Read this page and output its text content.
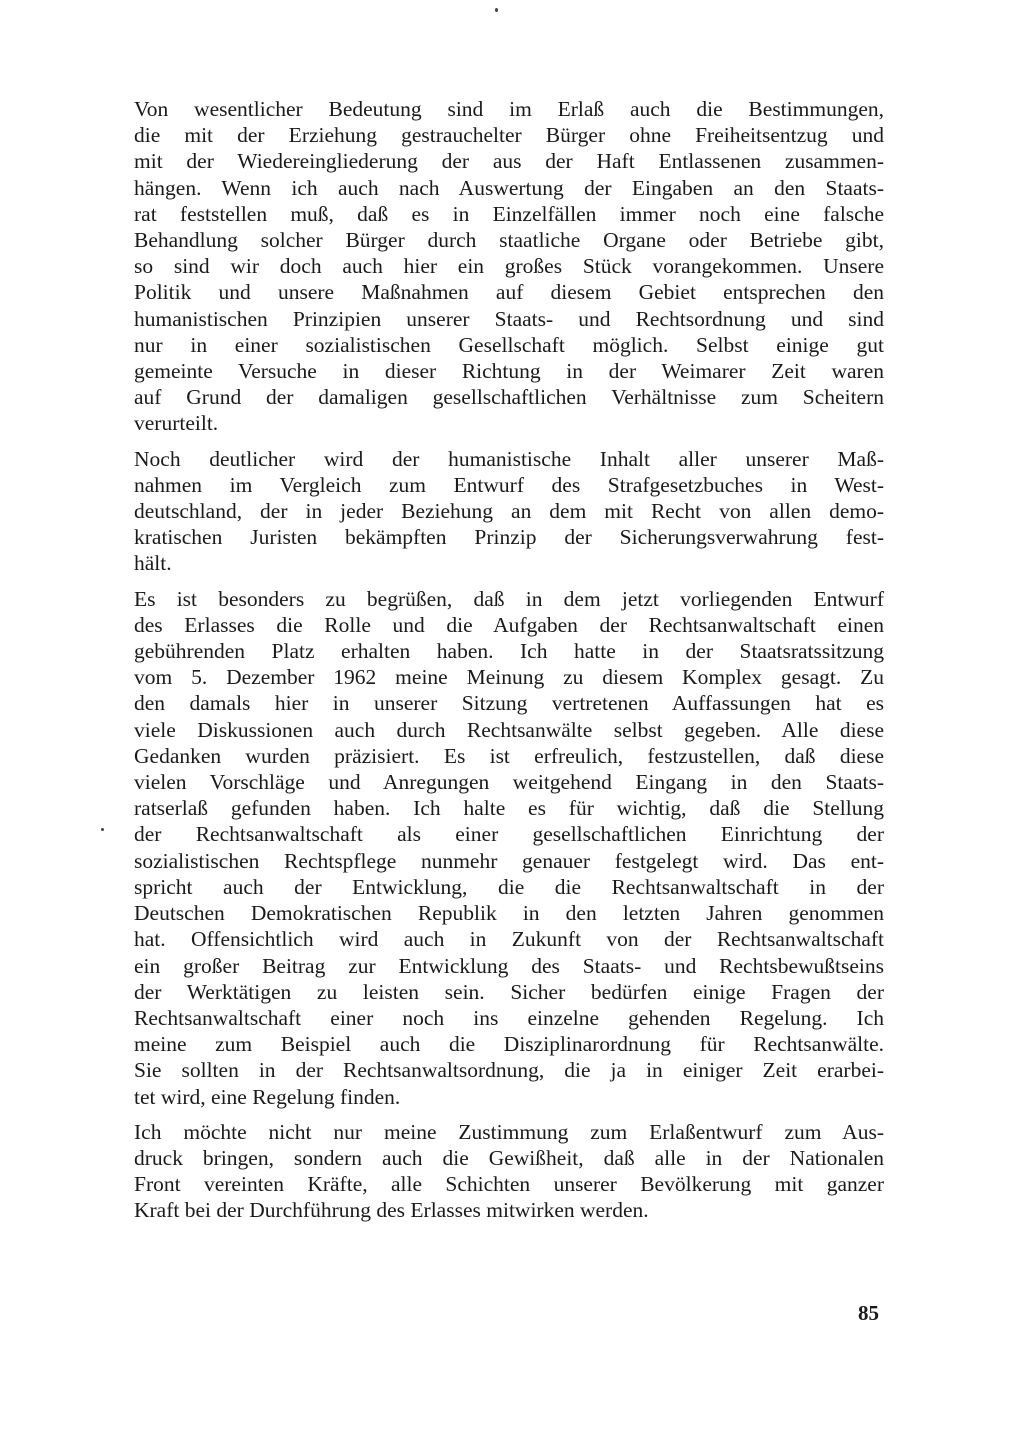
Von wesentlicher Bedeutung sind im Erlaß auch die Bestimmungen,
die mit der Erziehung gestrauchelter Bürger ohne Freiheitsentzug und
mit der Wiedereingliederung der aus der Haft Entlassenen zusammen-
hängen. Wenn ich auch nach Auswertung der Eingaben an den Staats-
rat feststellen muß, daß es in Einzelfällen immer noch eine falsche
Behandlung solcher Bürger durch staatliche Organe oder Betriebe gibt,
so sind wir doch auch hier ein großes Stück vorangekommen. Unsere
Politik und unsere Maßnahmen auf diesem Gebiet entsprechen den
humanistischen Prinzipien unserer Staats- und Rechtsordnung und sind
nur in einer sozialistischen Gesellschaft möglich. Selbst einige gut
gemeinte Versuche in dieser Richtung in der Weimarer Zeit waren
auf Grund der damaligen gesellschaftlichen Verhältnisse zum Scheitern
verurteilt.

Noch deutlicher wird der humanistische Inhalt aller unserer Maß-
nahmen im Vergleich zum Entwurf des Strafgesetzbuches in West-
deutschland, der in jeder Beziehung an dem mit Recht von allen demo-
kratischen Juristen bekämpften Prinzip der Sicherungsverwahrung fest-
hält.

Es ist besonders zu begrüßen, daß in dem jetzt vorliegenden Entwurf
des Erlasses die Rolle und die Aufgaben der Rechtsanwaltschaft einen
gebührenden Platz erhalten haben. Ich hatte in der Staatsratssitzung
vom 5. Dezember 1962 meine Meinung zu diesem Komplex gesagt. Zu
den damals hier in unserer Sitzung vertretenen Auffassungen hat es
viele Diskussionen auch durch Rechtsanwälte selbst gegeben. Alle diese
Gedanken wurden präzisiert. Es ist erfreulich, festzustellen, daß diese
vielen Vorschläge und Anregungen weitgehend Eingang in den Staats-
ratserlaß gefunden haben. Ich halte es für wichtig, daß die Stellung
der Rechtsanwaltschaft als einer gesellschaftlichen Einrichtung der
sozialistischen Rechtspflege nunmehr genauer festgelegt wird. Das ent-
spricht auch der Entwicklung, die die Rechtsanwaltschaft in der
Deutschen Demokratischen Republik in den letzten Jahren genommen
hat. Offensichtlich wird auch in Zukunft von der Rechtsanwaltschaft
ein großer Beitrag zur Entwicklung des Staats- und Rechtsbewußtseins
der Werktätigen zu leisten sein. Sicher bedürfen einige Fragen der
Rechtsanwaltschaft einer noch ins einzelne gehenden Regelung. Ich
meine zum Beispiel auch die Disziplinarordnung für Rechtsanwälte.
Sie sollten in der Rechtsanwaltsordnung, die ja in einiger Zeit erarbei-
tet wird, eine Regelung finden.

Ich möchte nicht nur meine Zustimmung zum Erlaßentwurf zum Aus-
druck bringen, sondern auch die Gewißheit, daß alle in der Nationalen
Front vereinten Kräfte, alle Schichten unserer Bevölkerung mit ganzer
Kraft bei der Durchführung des Erlasses mitwirken werden.

85
